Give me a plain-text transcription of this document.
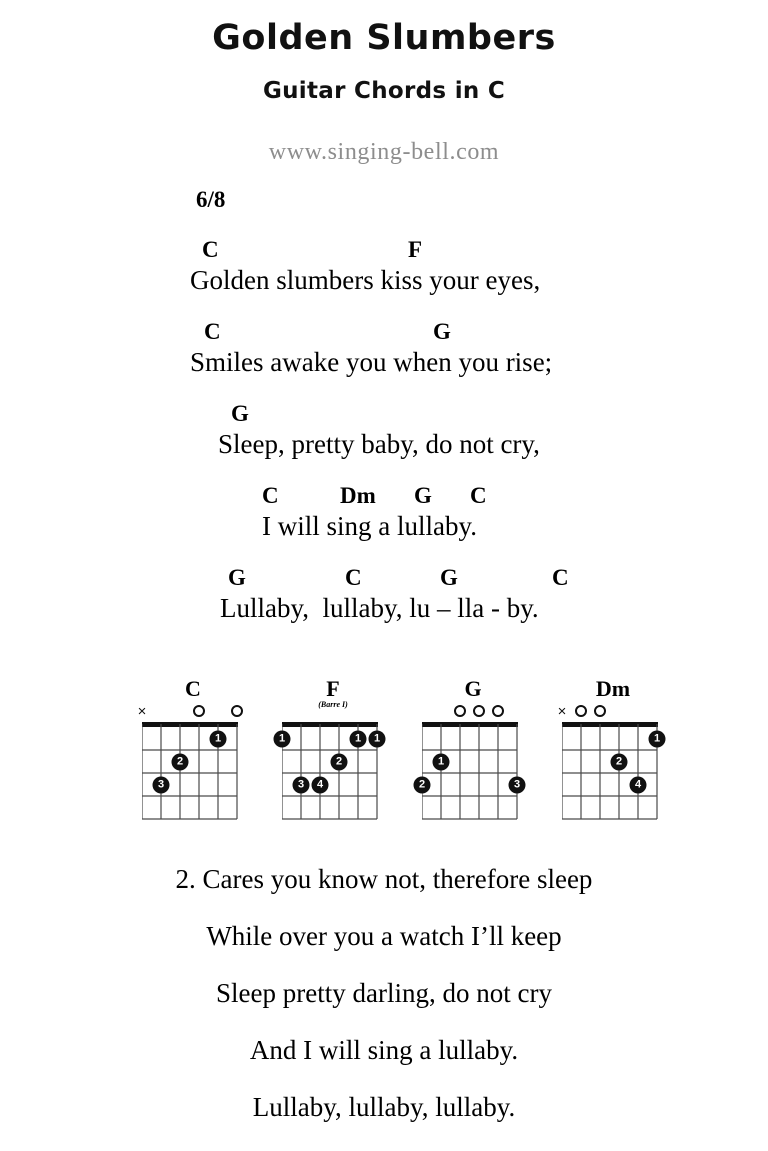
Golden Slumbers
Guitar Chords in C
www.singing-bell.com
6/8
C	F
Golden slumbers kiss your eyes,
C	G
Smiles awake you when you rise;
G
Sleep, pretty baby, do not cry,
C	Dm G C
I will sing a lullaby.
G	C	G	C
Lullaby,  lullaby, lu – lla - by.
C
×
1
2
3
F
(Barre I)
1	1	1
2
3	4
G
1
2	3
Dm
×
1
2
4
2. Cares you know not, therefore sleep
While over you a watch I’ll keep
Sleep pretty darling, do not cry
And I will sing a lullaby.
Lullaby, lullaby, lullaby.
